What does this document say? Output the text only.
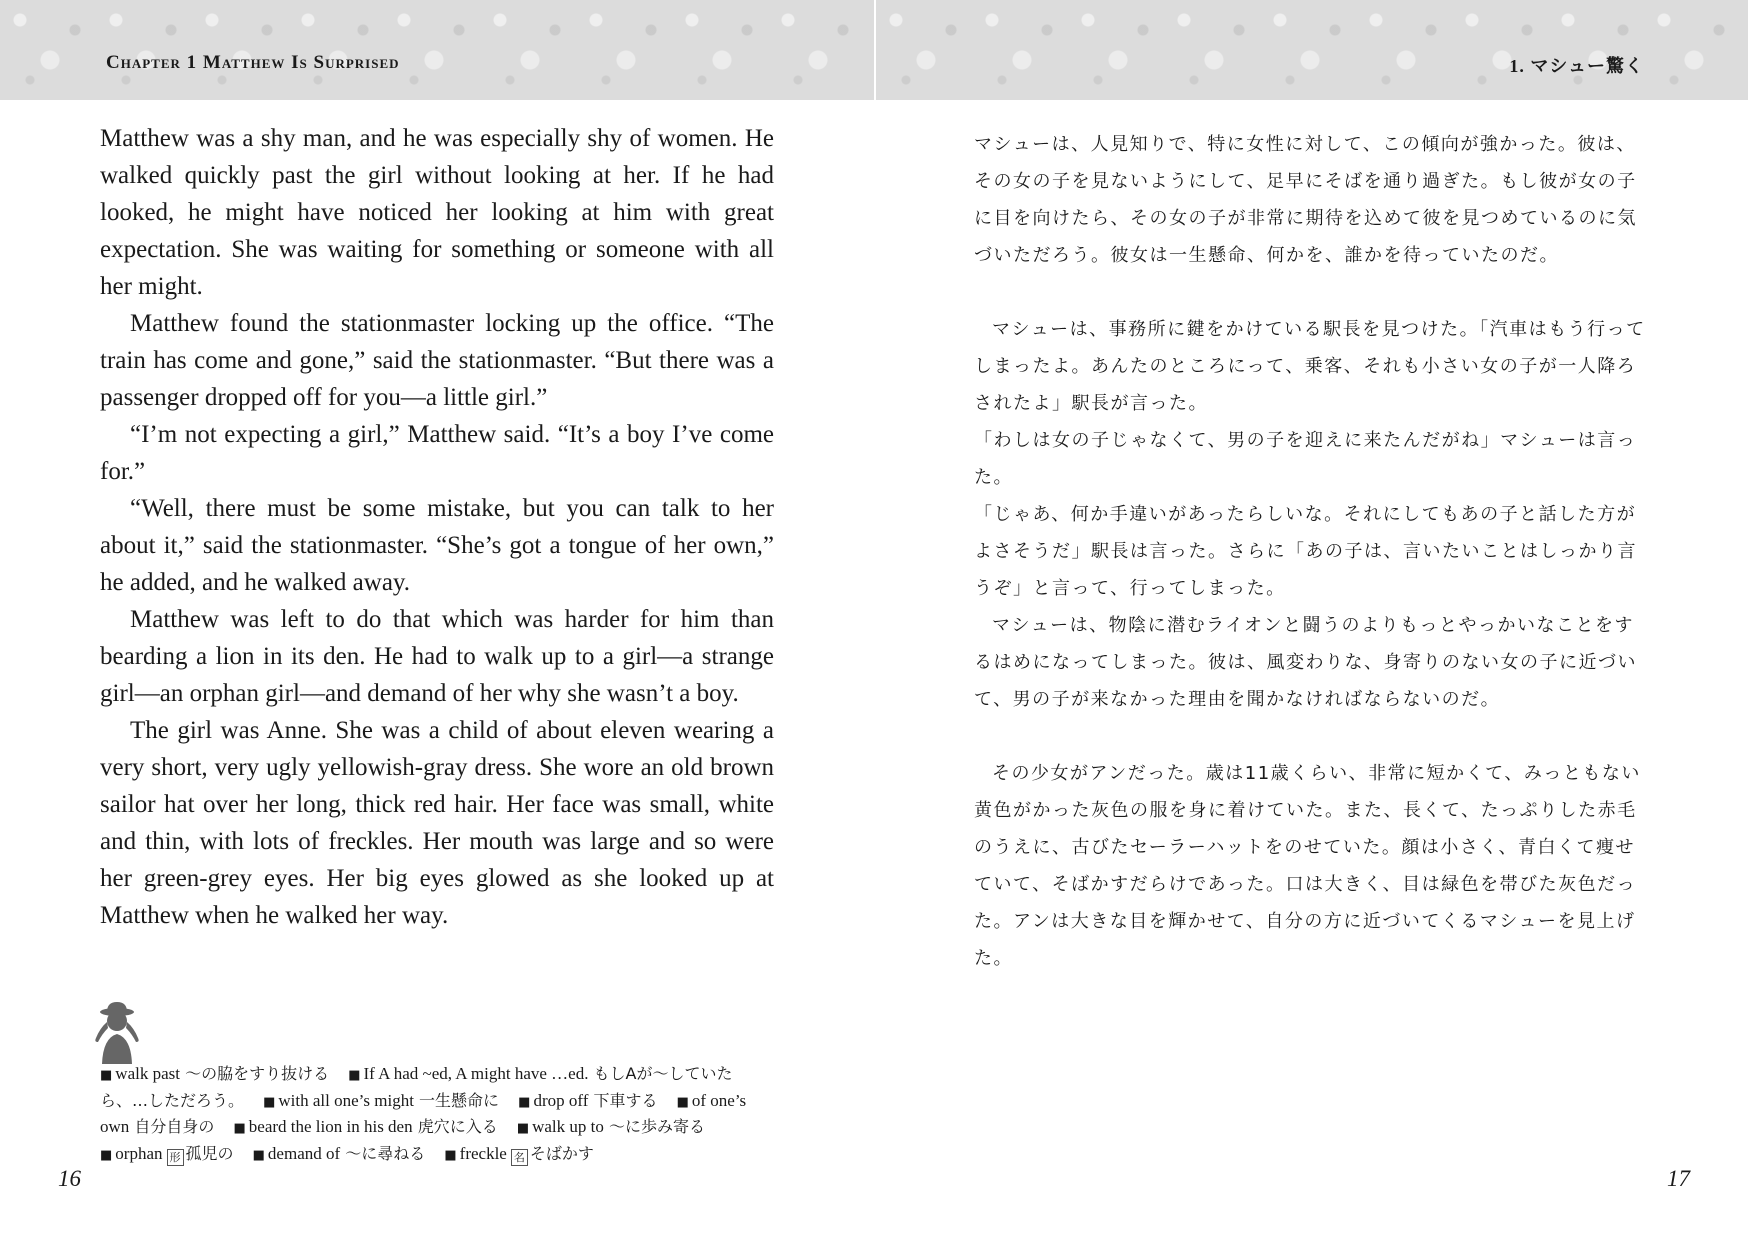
Chapter 1 Matthew Is Surprised

Matthew was a shy man, and he was especially shy of women. He walked quickly past the girl without looking at her. If he had looked, he might have noticed her looking at him with great expectation. She was waiting for something or someone with all her might.

Matthew found the stationmaster locking up the office. “The train has come and gone,” said the stationmaster. “But there was a passenger dropped off for you—a little girl.”

“I’m not expecting a girl,” Matthew said. “It’s a boy I’ve come for.”

“Well, there must be some mistake, but you can talk to her about it,” said the stationmaster. “She’s got a tongue of her own,” he added, and he walked away.

Matthew was left to do that which was harder for him than bearding a lion in its den. He had to walk up to a girl—a strange girl—an orphan girl—and demand of her why she wasn’t a boy.

The girl was Anne. She was a child of about eleven wearing a very short, very ugly yellowish-gray dress. She wore an old brown sailor hat over her long, thick red hair. Her face was small, white and thin, with lots of freckles. Her mouth was large and so were her green-grey eyes. Her big eyes glowed as she looked up at Matthew when he walked her way.

■ walk past ～の脇をすり抜ける ■ If A had ~ed, A might have …ed. もしAが～していたら、…しただろう。 ■ with all one’s might 一生懸命に ■ drop off 下車する ■ of one’s own 自分自身の ■ beard the lion in his den 虎穴に入る ■ walk up to ～に歩み寄る ■ orphan 形 孤児の ■ demand of ～に尋ねる ■ freckle 名 そばかす

16

1. マシュー驚く

マシューは、人見知りで、特に女性に対して、この傾向が強かった。彼は、その女の子を見ないようにして、足早にそばを通り過ぎた。もし彼が女の子に目を向けたら、その女の子が非常に期待を込めて彼を見つめているのに気づいただろう。彼女は一生懸命、何かを、誰かを待っていたのだ。

マシューは、事務所に鍵をかけている駅長を見つけた。「汽車はもう行ってしまったよ。あんたのところにって、乗客、それも小さい女の子が一人降ろされたよ」駅長が言った。

「わしは女の子じゃなくて、男の子を迎えに来たんだがね」マシューは言った。

「じゃあ、何か手違いがあったらしいな。それにしてもあの子と話した方がよさそうだ」駅長は言った。さらに「あの子は、言いたいことはしっかり言うぞ」と言って、行ってしまった。

マシューは、物陰に潜むライオンと闘うのよりもっとやっかいなことをするはめになってしまった。彼は、風変わりな、身寄りのない女の子に近づいて、男の子が来なかった理由を聞かなければならないのだ。

その少女がアンだった。歳は11歳くらい、非常に短かくて、みっともない黄色がかった灰色の服を身に着けていた。また、長くて、たっぷりした赤毛のうえに、古びたセーラーハットをのせていた。顔は小さく、青白くて痩せていて、そばかすだらけであった。口は大きく、目は緑色を帯びた灰色だった。アンは大きな目を輝かせて、自分の方に近づいてくるマシューを見上げた。

17
